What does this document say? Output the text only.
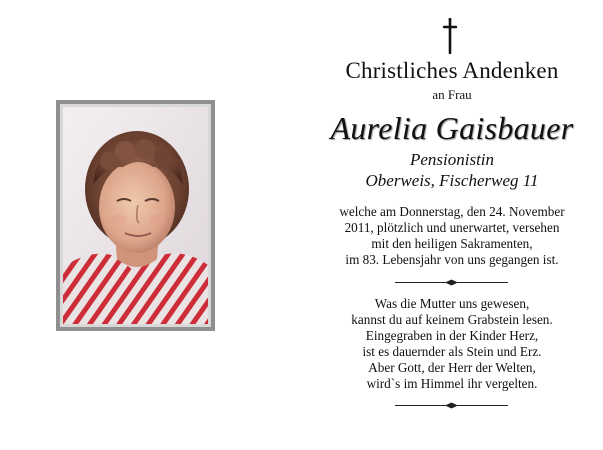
Christliches Andenken
an Frau
Aurelia Gaisbauer
Pensionistin
Oberweis, Fischerweg 11
welche am Donnerstag, den 24. November
2011, plötzlich und unerwartet, versehen
mit den heiligen Sakramenten,
im 83. Lebensjahr von uns gegangen ist.
Was die Mutter uns gewesen,
kannst du auf keinem Grabstein lesen.
Eingegraben in der Kinder Herz,
ist es dauernder als Stein und Erz.
Aber Gott, der Herr der Welten,
wird`s im Himmel ihr vergelten.
